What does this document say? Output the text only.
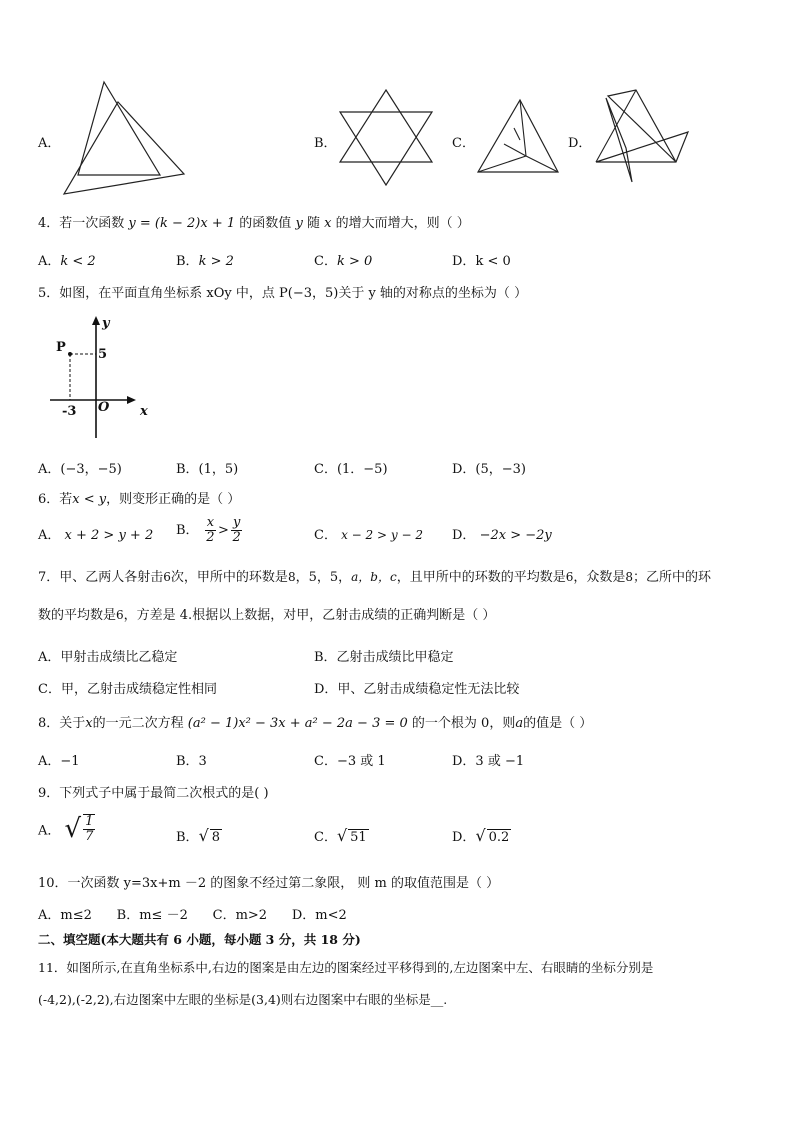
A．	B．	C．	D．
4．若一次函数 y = (k − 2)x + 1 的函数值 y 随 x 的增大而增大，则（ ）
A．k < 2	B．k > 2	C．k > 0	D．k < 0
5．如图，在平面直角坐标系 xOy 中，点 P(−3，5)关于 y 轴的对称点的坐标为（ ）
y
x
P 5
-3 O
A．(−3，−5)	B．(1，5)	C．(1．−5)	D．(5，−3)
6．若x < y，则变形正确的是（ ）
A． x + 2 > y + 2 B． $\frac{x}{2} > \frac{y}{2}$	C． x − 2 > y − 2 D． −2x > −2y
7．甲、乙两人各射击6次，甲所中的环数是8，5，5，a，b，c，且甲所中的环数的平均数是6，众数是8；乙所中的环
数的平均数是6，方差是 4.根据以上数据，对甲，乙射击成绩的正确判断是（ ）
A．甲射击成绩比乙稳定	B．乙射击成绩比甲稳定
C．甲，乙射击成绩稳定性相同	D．甲、乙射击成绩稳定性无法比较
8．关于x的一元二次方程 (a² − 1)x² − 3x + a² − 2a − 3 = 0 的一个根为 0，则a的值是（ ）
A．−1	B．3	C．−3 或 1	D．3 或 −1
9．下列式子中属于最简二次根式的是( )
A． √ $\frac{1}{7}$	B．√ 8	C．√ 51	D．√ 0.2
10．一次函数 y=3x+m －2 的图象不经过第二象限， 则 m 的取值范围是（ ）
A．m≤2      B．m≤ －2      C．m>2      D．m<2
二、填空题(本大题共有 6 小题，每小题 3 分，共 18 分)
11．如图所示,在直角坐标系中,右边的图案是由左边的图案经过平移得到的,左边图案中左、右眼睛的坐标分别是
(-4,2),(-2,2),右边图案中左眼的坐标是(3,4)则右边图案中右眼的坐标是__.
